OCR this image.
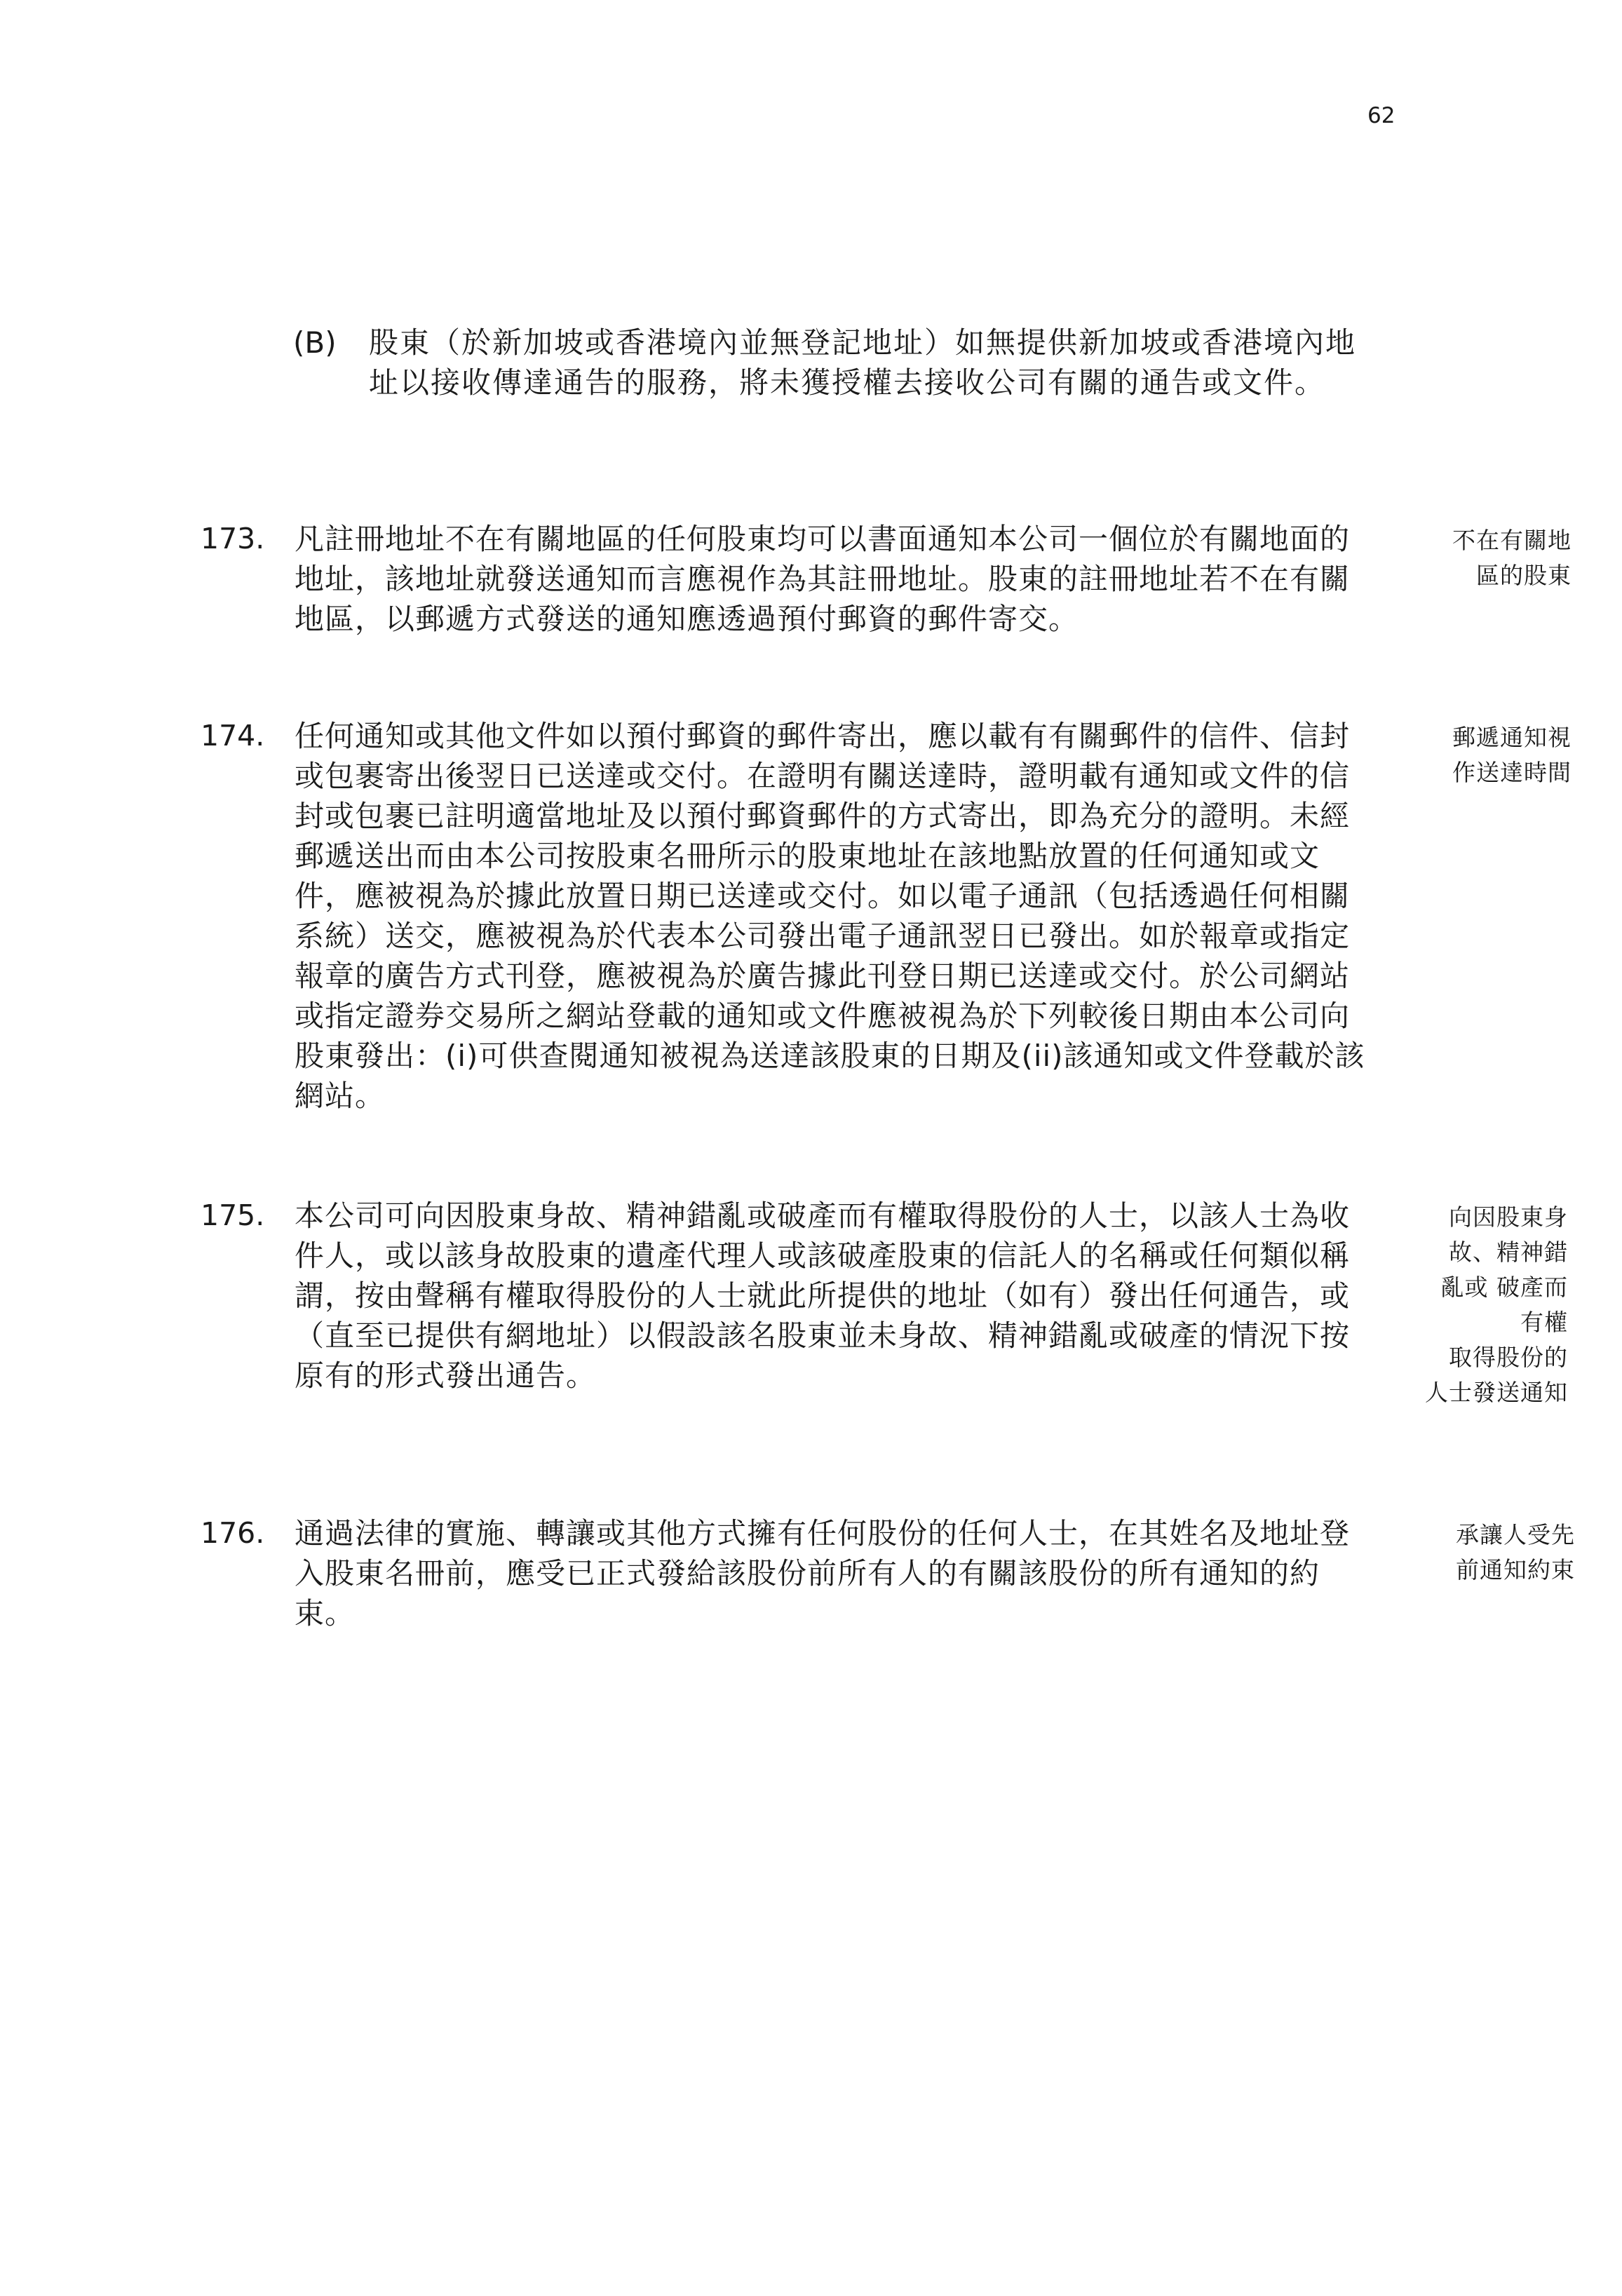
62
(B) 股東（於新加坡或香港境內並無登記地址）如無提供新加坡或香港境內地址以接收傳達通告的服務，將未獲授權去接收公司有關的通告或文件。
173. 凡註冊地址不在有關地區的任何股東均可以書面通知本公司一個位於有關地面的地址，該地址就發送通知而言應視作為其註冊地址。股東的註冊地址若不在有關地區，以郵遞方式發送的通知應透過預付郵資的郵件寄交。
不在有關地
區的股東
174. 任何通知或其他文件如以預付郵資的郵件寄出，應以載有有關郵件的信件、信封或包裹寄出後翌日已送達或交付。在證明有關送達時，證明載有通知或文件的信封或包裹已註明適當地址及以預付郵資郵件的方式寄出，即為充分的證明。未經郵遞送出而由本公司按股東名冊所示的股東地址在該地點放置的任何通知或文件，應被視為於據此放置日期已送達或交付。如以電子通訊（包括透過任何相關系統）送交，應被視為於代表本公司發出電子通訊翌日已發出。如於報章或指定報章的廣告方式刊登，應被視為於廣告據此刊登日期已送達或交付。於公司網站或指定證券交易所之網站登載的通知或文件應被視為於下列較後日期由本公司向股東發出：(i)可供查閱通知被視為送達該股東的日期及(ii)該通知或文件登載於該網站。
郵遞通知視
作送達時間
175. 本公司可向因股東身故、精神錯亂或破產而有權取得股份的人士，以該人士為收件人，或以該身故股東的遺產代理人或該破產股東的信託人的名稱或任何類似稱謂，按由聲稱有權取得股份的人士就此所提供的地址（如有）發出任何通告，或（直至已提供有網地址）以假設該名股東並未身故、精神錯亂或破產的情況下按原有的形式發出通告。
向因股東身
故、精神錯
亂或 破產而
有權
取得股份的
人士發送通知
176. 通過法律的實施、轉讓或其他方式擁有任何股份的任何人士，在其姓名及地址登入股東名冊前，應受已正式發給該股份前所有人的有關該股份的所有通知的約束。
承讓人受先
前通知約束
